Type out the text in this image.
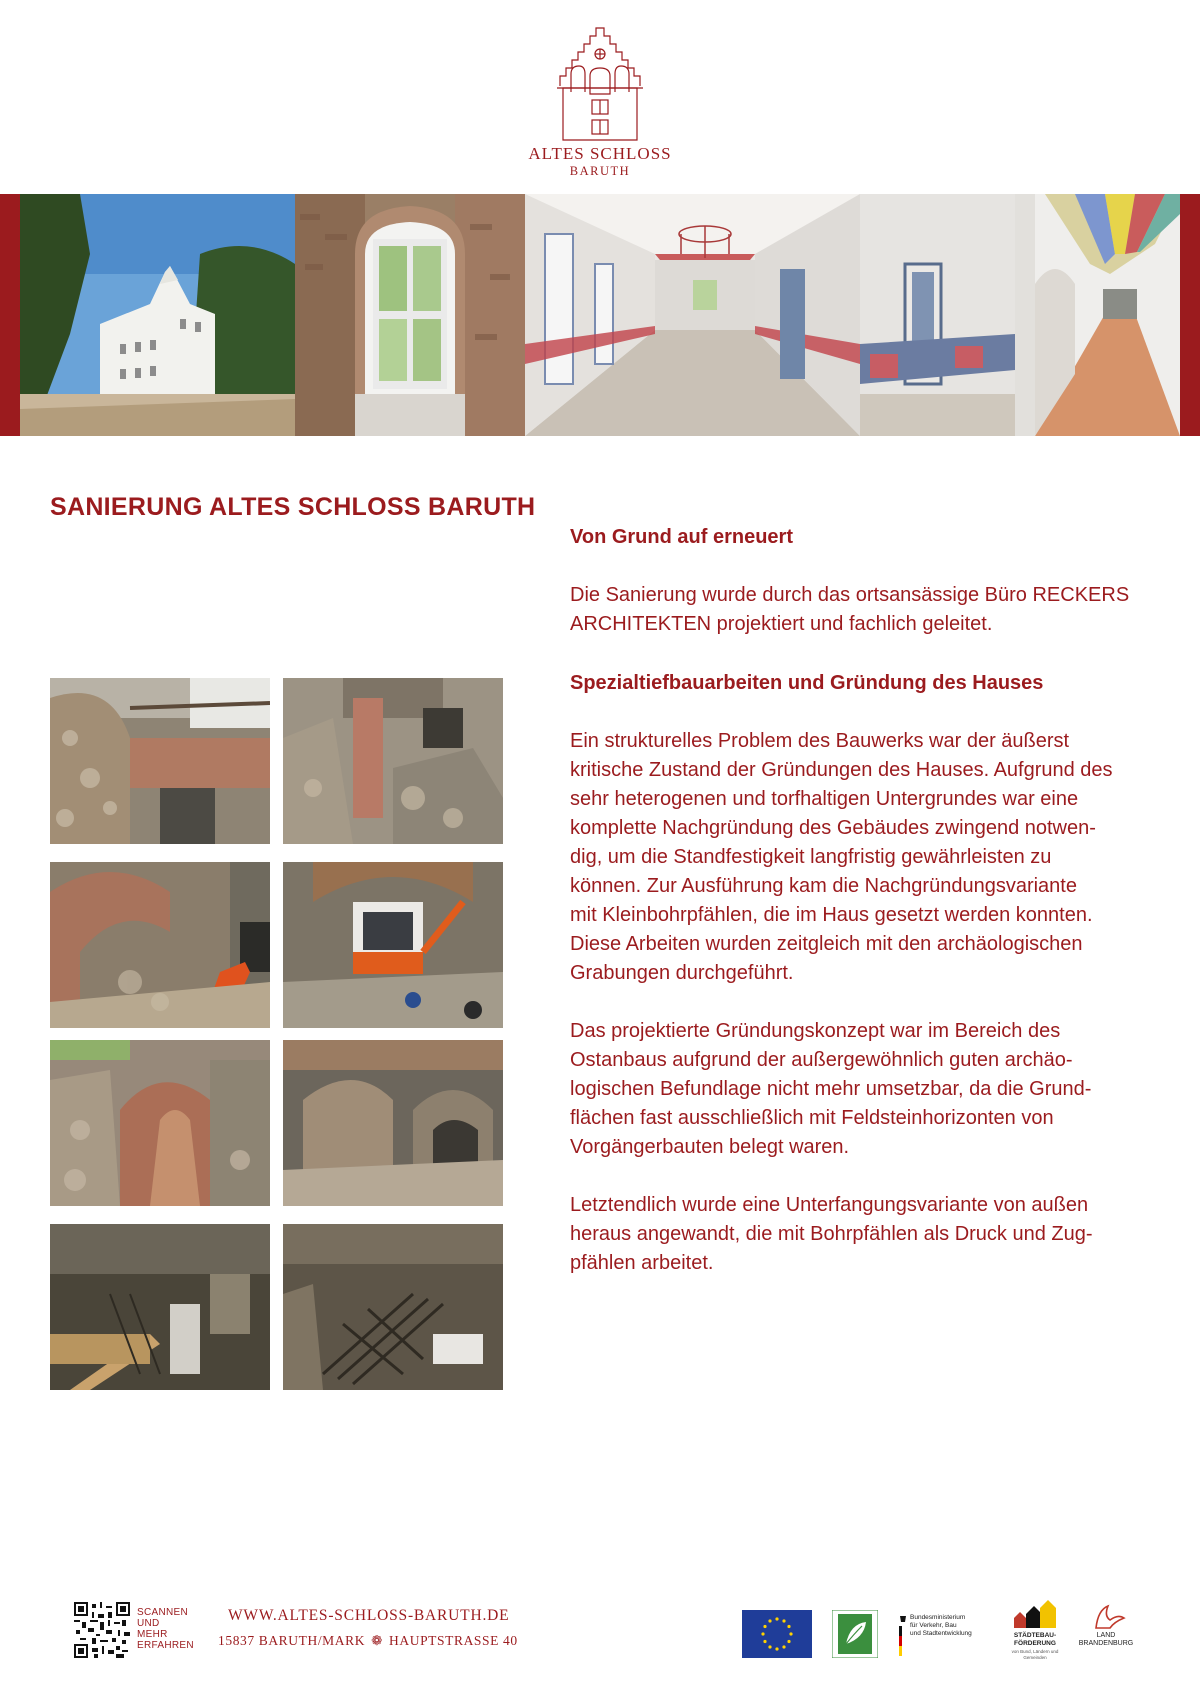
ALTES SCHLOSS
BARUTH
SANIERUNG ALTES SCHLOSS BARUTH
Von Grund auf erneuert

Die Sanierung wurde durch das ortsansässige Büro RECKERS
ARCHITEKTEN projektiert und fachlich geleitet.

Spezialtiefbauarbeiten und Gründung des Hauses

Ein strukturelles Problem des Bauwerks war der äußerst
kritische Zustand der Gründungen des Hauses. Aufgrund des
sehr heterogenen und torfhaltigen Untergrundes war eine
komplette Nachgründung des Gebäudes zwingend notwen-
dig, um die Standfestigkeit langfristig gewährleisten zu
können. Zur Ausführung kam die Nachgründungsvariante
mit Kleinbohrpfählen, die im Haus gesetzt werden konnten.
Diese Arbeiten wurden zeitgleich mit den archäologischen
Grabungen durchgeführt.

Das projektierte Gründungskonzept war im Bereich des
Ostanbaus aufgrund der außergewöhnlich guten archäo-
logischen Befundlage nicht mehr umsetzbar, da die Grund-
flächen fast ausschließlich mit Feldsteinhorizonten von
Vorgängerbauten belegt waren.

Letztendlich wurde eine Unterfangungsvariante von außen
heraus angewandt, die mit Bohrpfählen als Druck und Zug-
pfählen arbeitet.

SCANNEN
UND
MEHR
ERFAHREN
WWW.ALTES-SCHLOSS-BARUTH.DE
15837 BARUTH/MARK ❁ HAUPTSTRASSE 40
Bundesministerium
für Verkehr, Bau
und Stadtentwicklung	STÄDTEBAU-
FÖRDERUNG
von Bund, Ländern und
Gemeinden
LAND
BRANDENBURG
